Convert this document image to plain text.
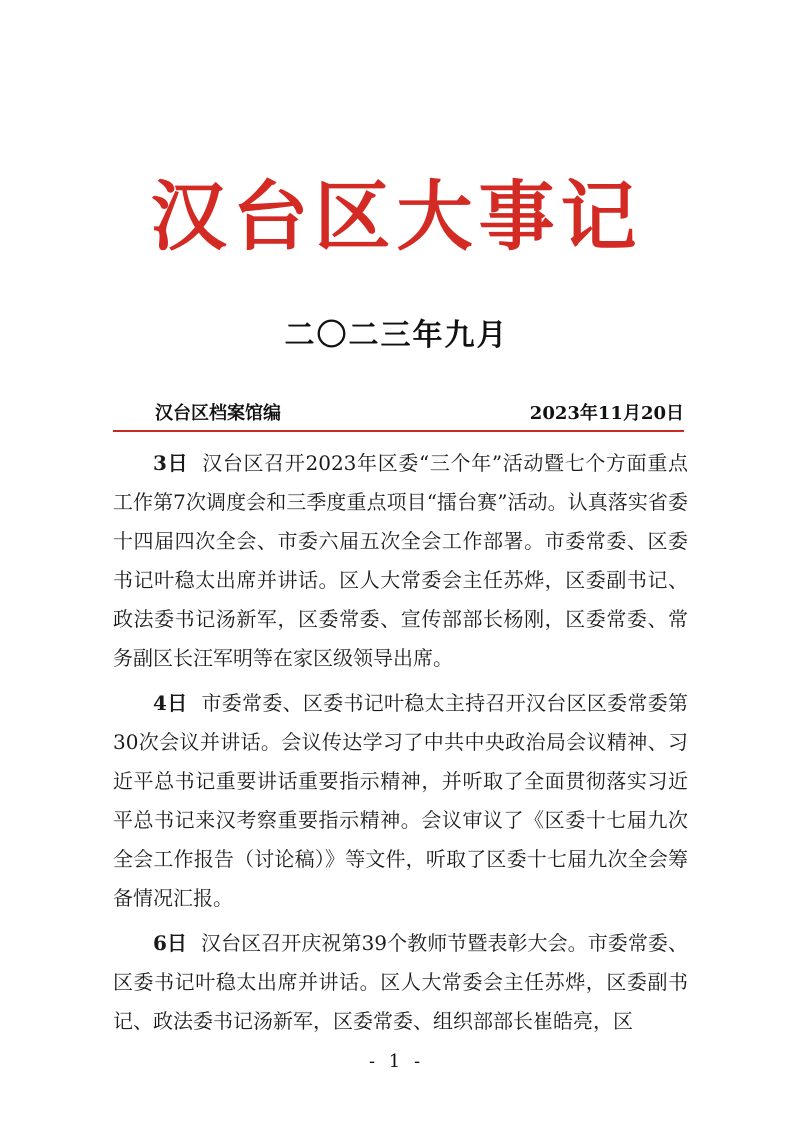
汉台区大事记
二〇二三年九月
汉台区档案馆编	2023年11月20日

3日 汉台区召开2023年区委“三个年”活动暨七个方面重点工作第7次调度会和三季度重点项目“擂台赛”活动。认真落实省委十四届四次全会、市委六届五次全会工作部署。市委常委、区委书记叶稳太出席并讲话。区人大常委会主任苏烨，区委副书记、政法委书记汤新军，区委常委、宣传部部长杨刚，区委常委、常务副区长汪军明等在家区级领导出席。

4日 市委常委、区委书记叶稳太主持召开汉台区区委常委第30次会议并讲话。会议传达学习了中共中央政治局会议精神、习近平总书记重要讲话重要指示精神，并听取了全面贯彻落实习近平总书记来汉考察重要指示精神。会议审议了《区委十七届九次全会工作报告（讨论稿）》等文件，听取了区委十七届九次全会筹备情况汇报。

6日 汉台区召开庆祝第39个教师节暨表彰大会。市委常委、区委书记叶稳太出席并讲话。区人大常委会主任苏烨，区委副书记、政法委书记汤新军，区委常委、组织部部长崔皓亮，区

- 1 -
